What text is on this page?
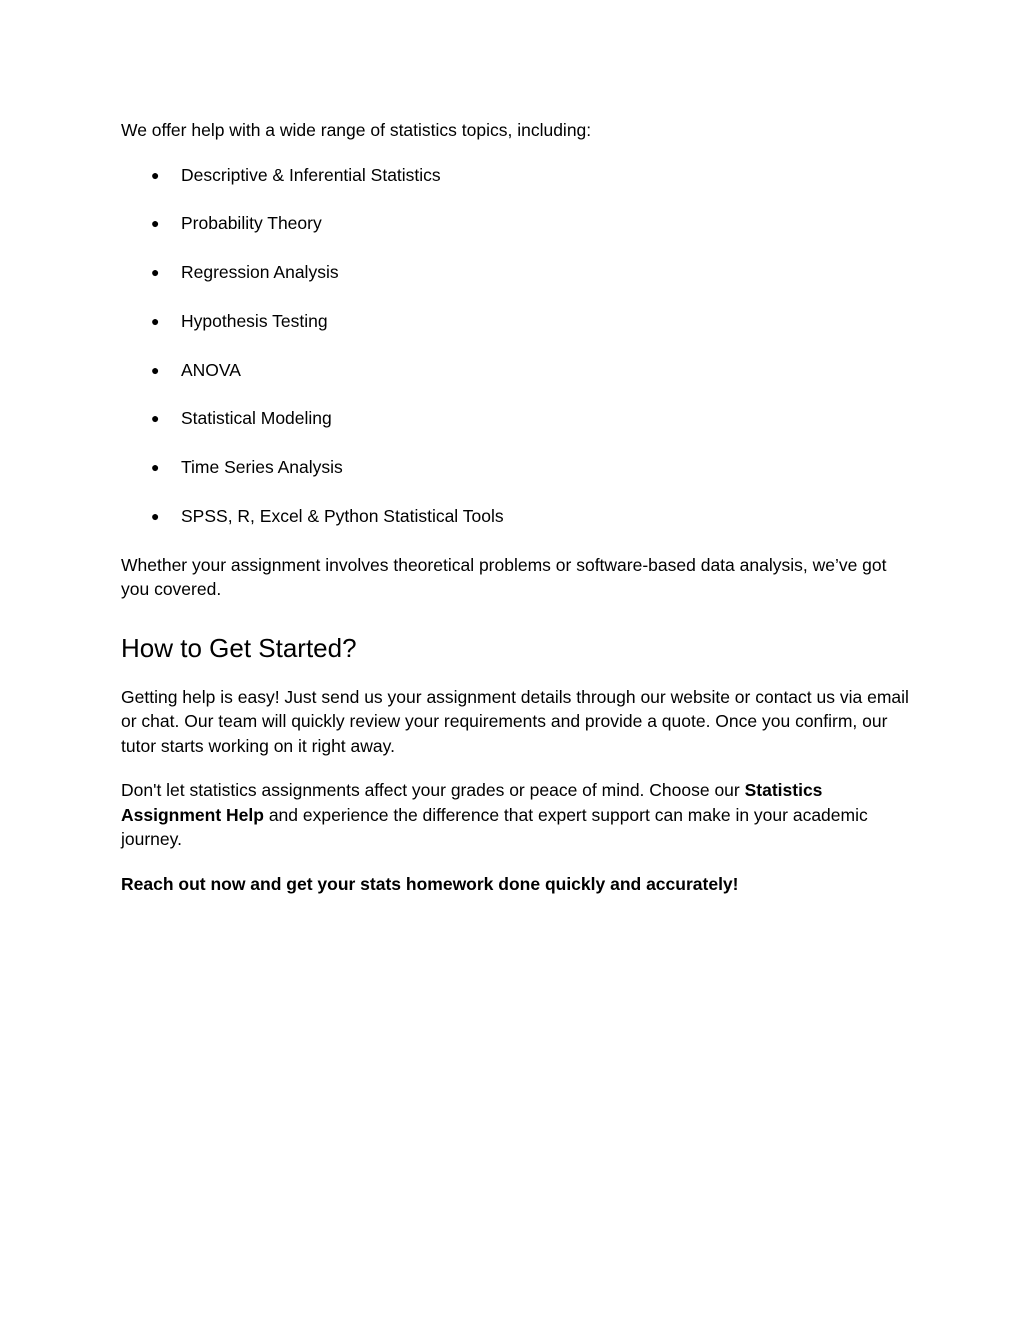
We offer help with a wide range of statistics topics, including:

● Descriptive & Inferential Statistics
● Probability Theory
● Regression Analysis
● Hypothesis Testing
● ANOVA
● Statistical Modeling
● Time Series Analysis
● SPSS, R, Excel & Python Statistical Tools

Whether your assignment involves theoretical problems or software-based data analysis, we’ve got you covered.

How to Get Started?

Getting help is easy! Just send us your assignment details through our website or contact us via email or chat. Our team will quickly review your requirements and provide a quote. Once you confirm, our tutor starts working on it right away.

Don't let statistics assignments affect your grades or peace of mind. Choose our Statistics Assignment Help and experience the difference that expert support can make in your academic journey.

Reach out now and get your stats homework done quickly and accurately!
